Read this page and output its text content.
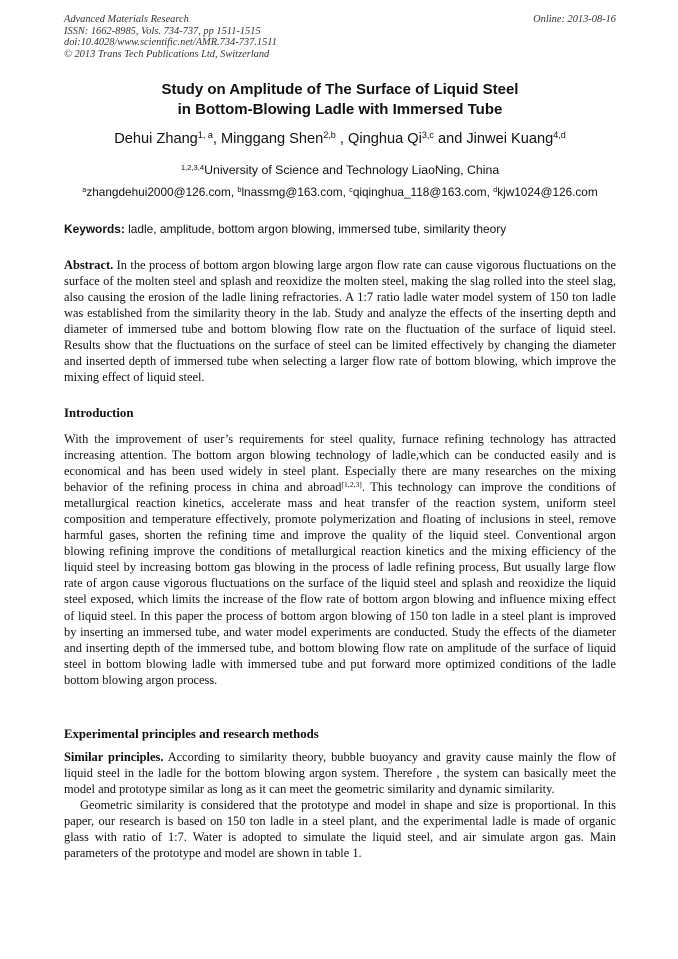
Advanced Materials Research
ISSN: 1662-8985, Vols. 734-737, pp 1511-1515
doi:10.4028/www.scientific.net/AMR.734-737.1511
© 2013 Trans Tech Publications Ltd, Switzerland
Online: 2013-08-16
Study on Amplitude of The Surface of Liquid Steel
in Bottom-Blowing Ladle with Immersed Tube
Dehui Zhang$^{1, a}$, Minggang Shen$^{2,b}$ , Qinghua Qi$^{3,c}$ and Jinwei Kuang$^{4,d}$
$^{1,2,3,4}$University of Science and Technology LiaoNing, China
$^a$zhangdehui2000@126.com, $^b$lnassmg@163.com, $^c$qiqinghua_118@163.com, $^d$kjw1024@126.com
Keywords: ladle, amplitude, bottom argon blowing, immersed tube, similarity theory

Abstract. In the process of bottom argon blowing large argon flow rate can cause vigorous fluctuations on the surface of the molten steel and splash and reoxidize the molten steel, making the slag rolled into the steel slag, also causing the erosion of the ladle lining refractories. A 1:7 ratio ladle water model system of 150 ton ladle was established from the similarity theory in the lab. Study and analyze the effects of the inserting depth and diameter of immersed tube and bottom blowing flow rate on the fluctuation of the surface of liquid steel. Results show that the fluctuations on the surface of steel can be limited effectively by changing the diameter and inserted depth of immersed tube when selecting a larger flow rate of bottom blowing, which improve the mixing effect of liquid steel.

Introduction

With the improvement of user’s requirements for steel quality, furnace refining technology has attracted increasing attention. The bottom argon blowing technology of ladle,which can be conducted easily and is economical and has been used widely in steel plant. Especially there are many researches on the mixing behavior of the refining process in china and abroad[1,2,3]. This technology can improve the conditions of metallurgical reaction kinetics, accelerate mass and heat transfer of the reaction system, uniform steel composition and temperature effectively, promote polymerization and floating of inclusions in steel, remove harmful gases, shorten the refining time and improve the quality of the liquid steel. Conventional argon blowing refining improve the conditions of metallurgical reaction kinetics and the mixing efficiency of the liquid steel by increasing bottom gas blowing in the process of ladle refining process, But usually large flow rate of argon cause vigorous fluctuations on the surface of the liquid steel and splash and reoxidize the liquid steel exposed, which limits the increase of the flow rate of bottom argon blowing and influence mixing effect of liquid steel. In this paper the process of bottom argon blowing of 150 ton ladle in a steel plant is improved by inserting an immersed tube, and water model experiments are conducted. Study the effects of the diameter and inserting depth of the immersed tube, and bottom blowing flow rate on amplitude of the surface of liquid steel in bottom blowing ladle with immersed tube and put forward more optimized conditions of the ladle bottom blowing argon process.

Experimental principles and research methods

Similar principles. According to similarity theory, bubble buoyancy and gravity cause mainly the flow of liquid steel in the ladle for the bottom blowing argon system. Therefore , the system can basically meet the model and prototype similar as long as it can meet the geometric similarity and dynamic similarity.

Geometric similarity is considered that the prototype and model in shape and size is proportional. In this paper, our research is based on 150 ton ladle in a steel plant, and the experimental ladle is made of organic glass with ratio of 1:7. Water is adopted to simulate the liquid steel, and air simulate argon gas. Main parameters of the prototype and model are shown in table 1.
